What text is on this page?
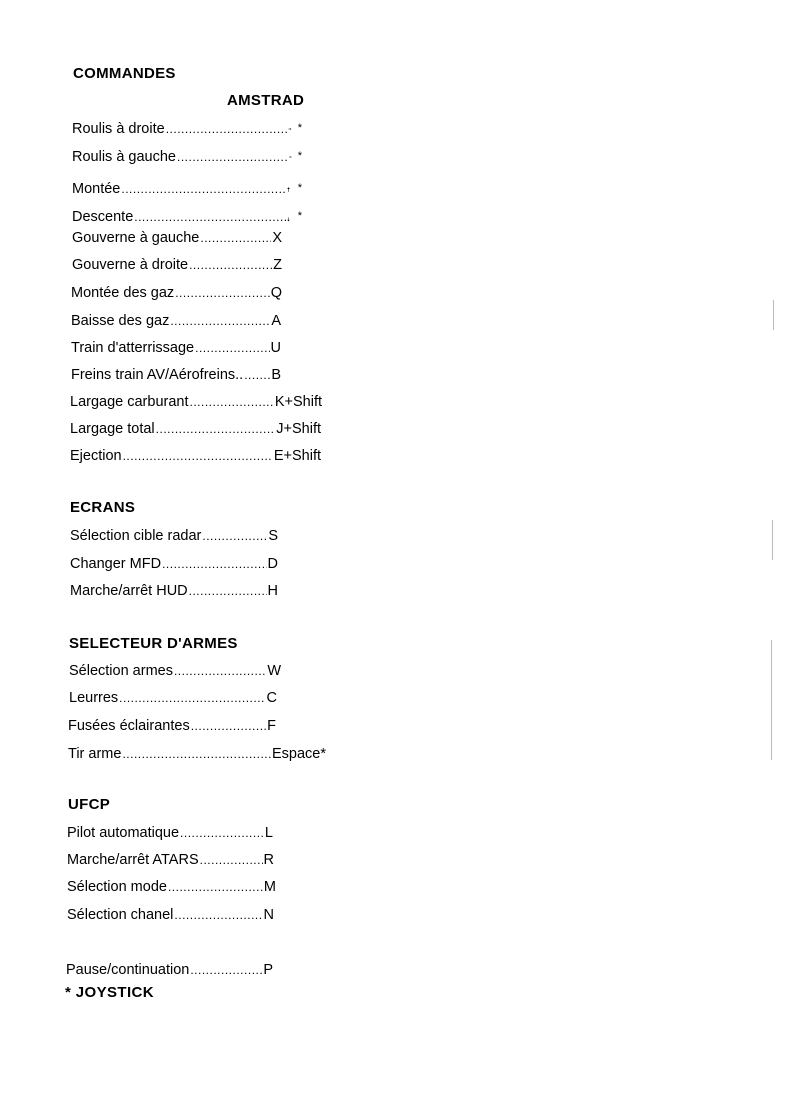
COMMANDES
AMSTRAD
Roulis à droite .....	*
Roulis à gauche .....	*
Montée .....	*
Descente .....	*
Gouverne à gauche .....	X
Gouverne à droite .....	Z
Montée des gaz .....	Q
Baisse des gaz .....	A
Train d'atterrissage .....	U
Freins train AV/Aérofreins.. ..... B
Largage carburant .....	K+Shift
Largage total .....	J+Shift
Ejection .....	E+Shift
ECRANS
Sélection cible radar .....	S
Changer MFD .....	D
Marche/arrêt HUD .....	H
SELECTEUR D'ARMES
Sélection armes .....	W
Leurres .....	C
Fusées éclairantes .....	F
Tir arme .....	Espace*
UFCP
Pilot automatique .....	L
Marche/arrêt ATARS .....	R
Sélection mode .....	M
Sélection chanel .....	N
Pause/continuation .....	P
* JOYSTICK
